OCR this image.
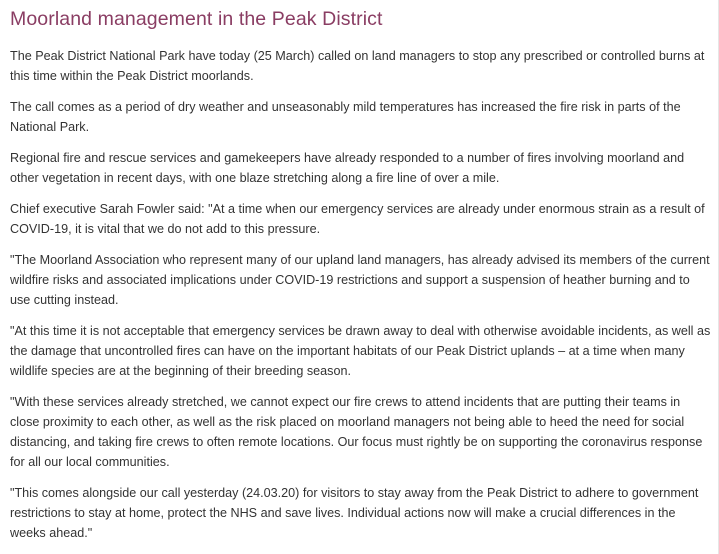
Moorland management in the Peak District

The Peak District National Park have today (25 March) called on land managers to stop any prescribed or controlled burns at this time within the Peak District moorlands.

The call comes as a period of dry weather and unseasonably mild temperatures has increased the fire risk in parts of the National Park.

Regional fire and rescue services and gamekeepers have already responded to a number of fires involving moorland and other vegetation in recent days, with one blaze stretching along a fire line of over a mile.

Chief executive Sarah Fowler said: "At a time when our emergency services are already under enormous strain as a result of COVID-19, it is vital that we do not add to this pressure.

"The Moorland Association who represent many of our upland land managers, has already advised its members of the current wildfire risks and associated implications under COVID-19 restrictions and support a suspension of heather burning and to use cutting instead.

"At this time it is not acceptable that emergency services be drawn away to deal with otherwise avoidable incidents, as well as the damage that uncontrolled fires can have on the important habitats of our Peak District uplands – at a time when many wildlife species are at the beginning of their breeding season.

"With these services already stretched, we cannot expect our fire crews to attend incidents that are putting their teams in close proximity to each other, as well as the risk placed on moorland managers not being able to heed the need for social distancing, and taking fire crews to often remote locations. Our focus must rightly be on supporting the coronavirus response for all our local communities.

"This comes alongside our call yesterday (24.03.20) for visitors to stay away from the Peak District to adhere to government restrictions to stay at home, protect the NHS and save lives. Individual actions now will make a crucial differences in the weeks ahead."
